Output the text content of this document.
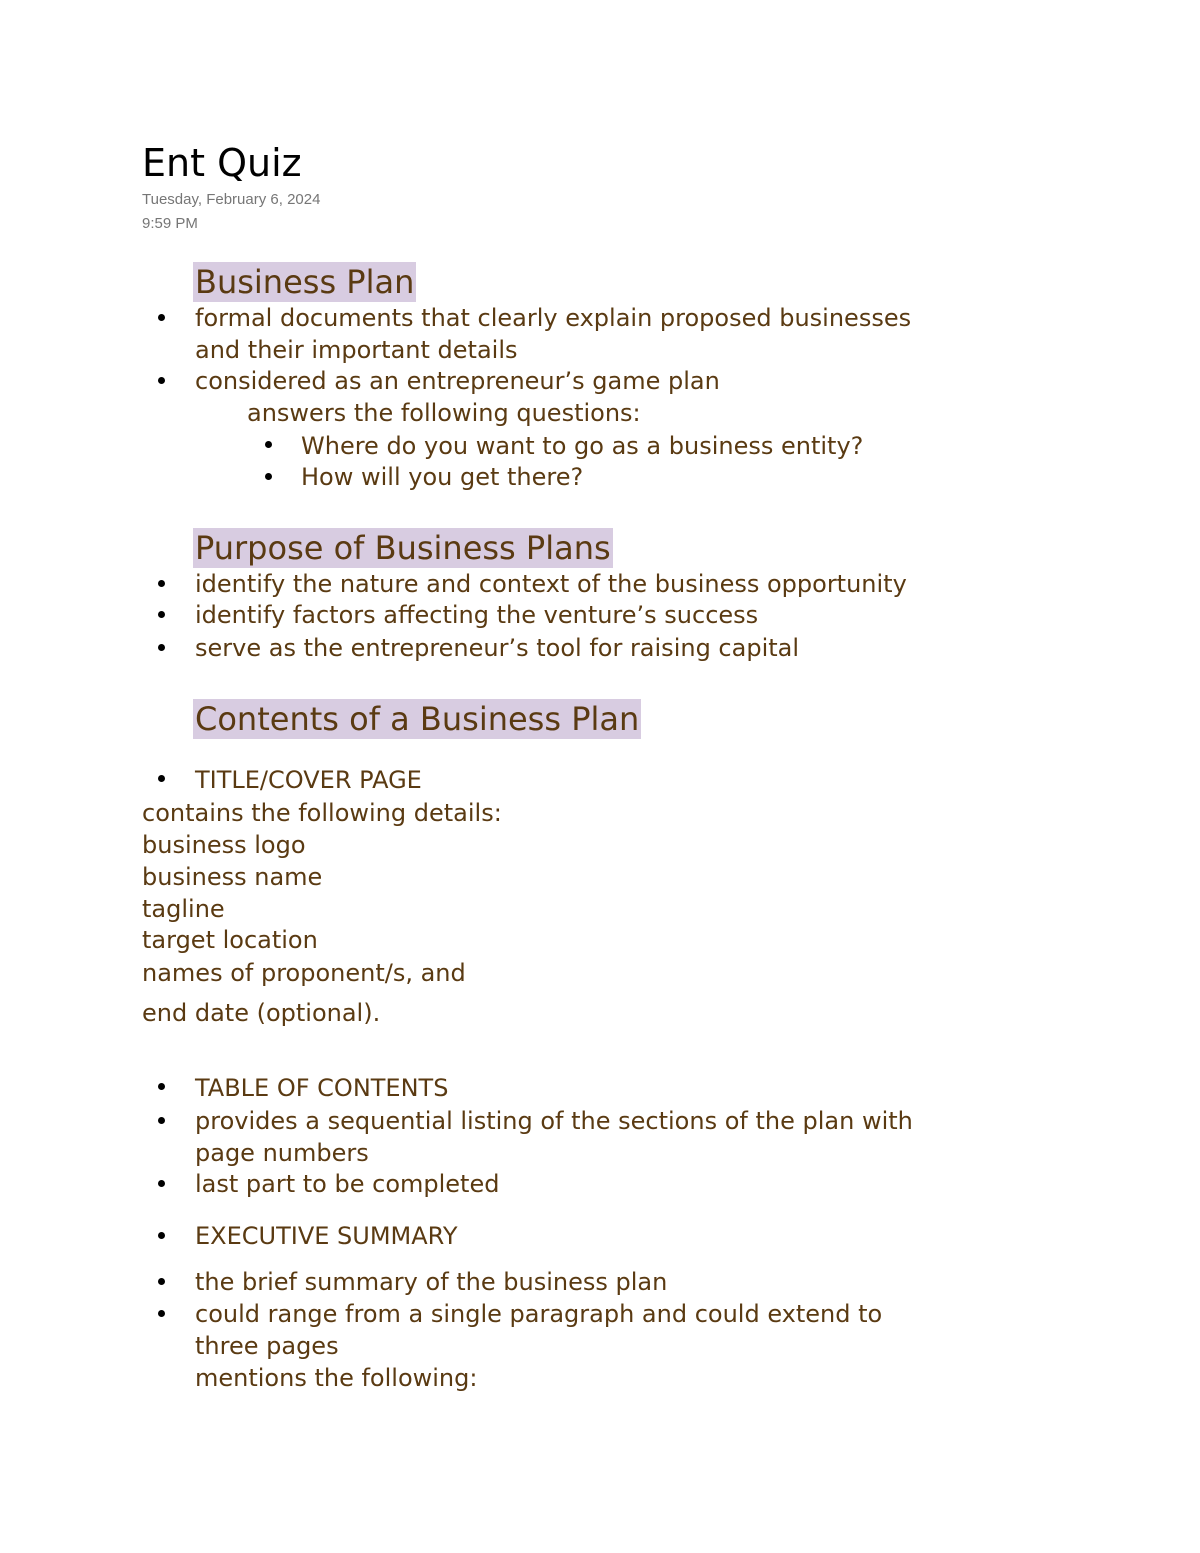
Ent Quiz
Tuesday, February 6, 2024
9:59 PM
Business Plan
formal documents that clearly explain proposed businesses
and their important details
considered as an entrepreneur’s game plan
answers the following questions:
Where do you want to go as a business entity?
How will you get there?
Purpose of Business Plans
identify the nature and context of the business opportunity
identify factors affecting the venture’s success
serve as the entrepreneur’s tool for raising capital
Contents of a Business Plan
TITLE/COVER PAGE
contains the following details:
business logo
business name
tagline
target location
names of proponent/s, and
end date (optional).
TABLE OF CONTENTS
provides a sequential listing of the sections of the plan with
page numbers
last part to be completed
EXECUTIVE SUMMARY
the brief summary of the business plan
could range from a single paragraph and could extend to
three pages
mentions the following:
